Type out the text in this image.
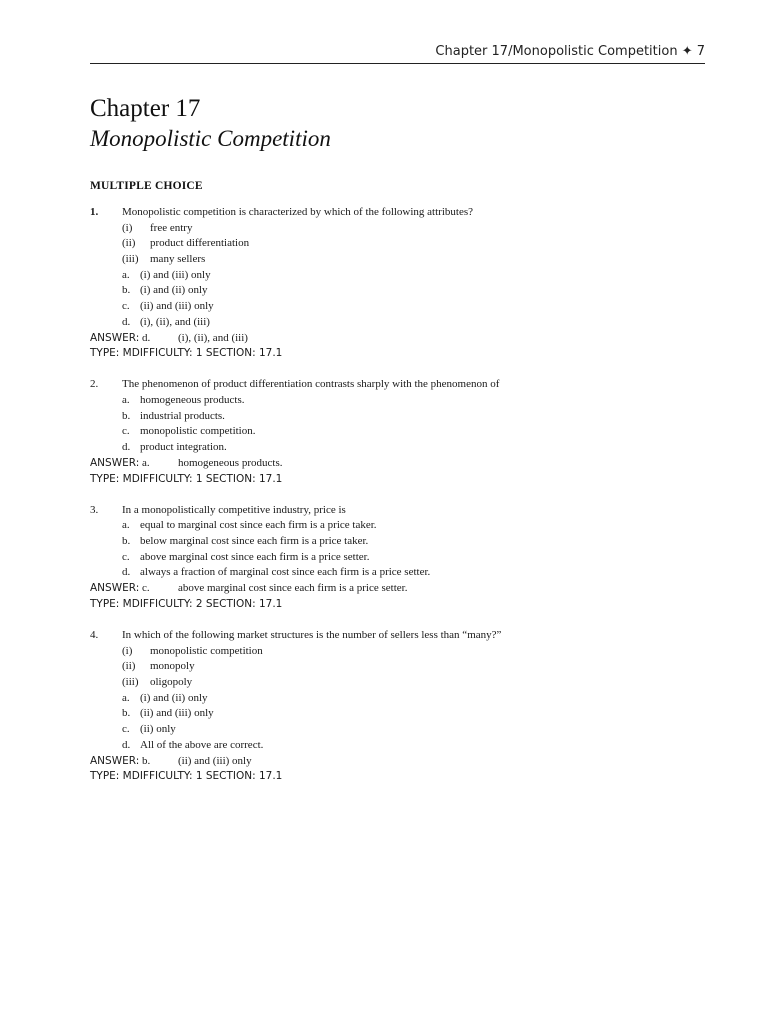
Chapter 17/Monopolistic Competition ✦ 7
Chapter 17
Monopolistic Competition
MULTIPLE CHOICE
1. Monopolistic competition is characterized by which of the following attributes?
(i) free entry
(ii) product differentiation
(iii) many sellers
a. (i) and (iii) only
b. (i) and (ii) only
c. (ii) and (iii) only
d. (i), (ii), and (iii)
ANSWER: d.	(i), (ii), and (iii)
TYPE: MDIFFICULTY: 1 SECTION: 17.1
2. The phenomenon of product differentiation contrasts sharply with the phenomenon of
a. homogeneous products.
b. industrial products.
c. monopolistic competition.
d. product integration.
ANSWER: a.	homogeneous products.
TYPE: MDIFFICULTY: 1 SECTION: 17.1
3. In a monopolistically competitive industry, price is
a. equal to marginal cost since each firm is a price taker.
b. below marginal cost since each firm is a price taker.
c. above marginal cost since each firm is a price setter.
d. always a fraction of marginal cost since each firm is a price setter.
ANSWER: c.	above marginal cost since each firm is a price setter.
TYPE: MDIFFICULTY: 2 SECTION: 17.1
4. In which of the following market structures is the number of sellers less than “many?”
(i) monopolistic competition
(ii) monopoly
(iii) oligopoly
a. (i) and (ii) only
b. (ii) and (iii) only
c. (ii) only
d. All of the above are correct.
ANSWER: b.	(ii) and (iii) only
TYPE: MDIFFICULTY: 1 SECTION: 17.1
